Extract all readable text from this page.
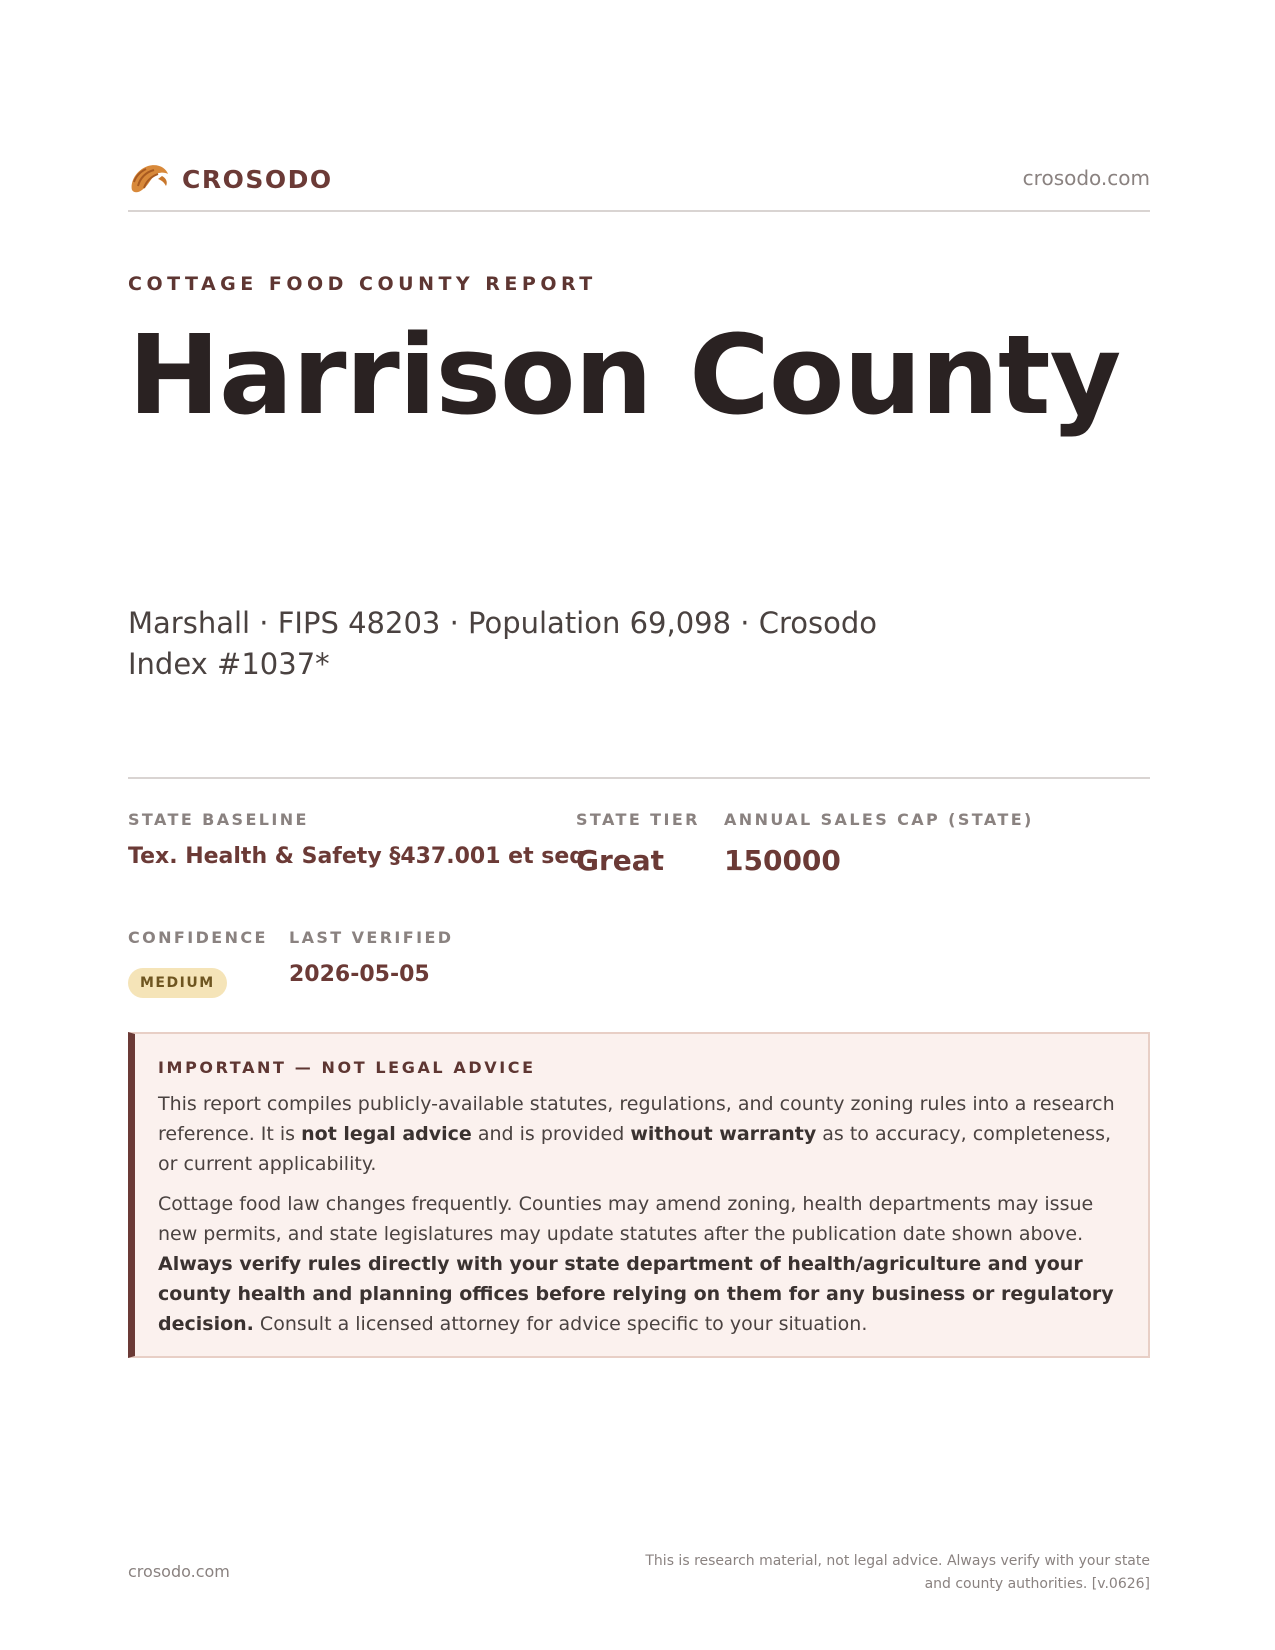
CROSODO	crosodo.com
COTTAGE FOOD COUNTY REPORT
Harrison County
Marshall · FIPS 48203 · Population 69,098 · Crosodo Index #1037*
STATE BASELINE
Tex. Health & Safety §437.001 et seq.
STATE TIER
Great
ANNUAL SALES CAP (STATE)
150000
CONFIDENCE
MEDIUM
LAST VERIFIED
2026-05-05
IMPORTANT — NOT LEGAL ADVICE

This report compiles publicly-available statutes, regulations, and county zoning rules into a research reference. It is not legal advice and is provided without warranty as to accuracy, completeness, or current applicability.

Cottage food law changes frequently. Counties may amend zoning, health departments may issue new permits, and state legislatures may update statutes after the publication date shown above. Always verify rules directly with your state department of health/agriculture and your county health and planning offices before relying on them for any business or regulatory decision. Consult a licensed attorney for advice specific to your situation.

crosodo.com
This is research material, not legal advice. Always verify with your state and county authorities. [v.0626]
